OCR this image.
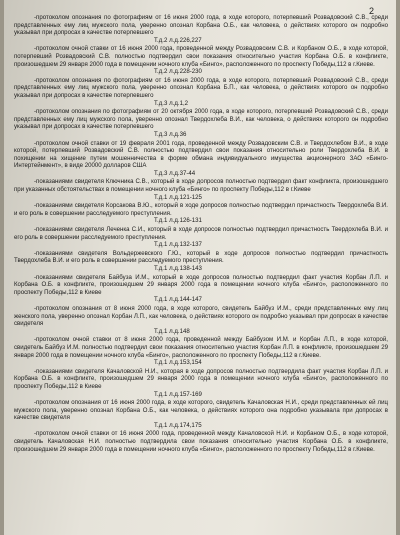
2

-протоколом опознания по фотографиям от 16 июня 2000 года, в ходе которого, потерпевший Розвадовский С.В., среди представленных ему лиц мужского пола, уверенно опознал Корбана О.Б., как человека, о действиях которого он подробно указывал при допросах в качестве потерпевшего

Т.д.2 л.д.226,227

-протоколом очной ставки от 16 июня 2000 года, проведенной между Розвадовским С.В. и Корбаном О.Б., в ходе которой, потерпевший Розвадовский С.В. полностью подтвердил свои показания относительно участия Корбана О.Б. в конфликте, произошедшем 29 января 2000 года в помещении ночного клуба «Бинго», расположенного по проспекту Победы,112 в г.Киеве.

Т.д.2 л.д.228-230

-протоколом опознания по фотографиям от 16 июня 2000 года, в ходе которого, потерпевший Розвадовский С.В., среди представленных ему лиц мужского пола, уверенно опознал Корбана Б.П., как человека, о действиях которого он подробно указывал при допросах в качестве потерпевшего

Т.д.3 л.д.1,2

-протоколом опознания по фотографиям от 20 октября 2000 года, в ходе которого, потерпевший Розвадовский С.В., среди представленных ему лиц мужского пола, уверенно опознал Твердохлеба В.И., как человека, о действиях которого он подробно указывал при допросах в качестве потерпевшего

Т.д.3 л.д.36

-протоколом очной ставки от 19 февраля 2001 года, проведенной между Розвадовским С.В. и Твердохлебом В.И., в ходе которой, потерпевший Розвадовский С.В. полностью подтвердил свои показания относительно роли Твердохлеба В.И. в похищении на хищение путем мошенничества в форме обмана индивидуального имущества акционерного ЗАО «Бинго-Интертейнмент», в виде 20000 долларов США

Т.д.3 л.д.37-44

-показаниями свидетеля Ключника С.В., который в ходе допросов полностью подтвердил факт конфликта, произошедшего при указанных обстоятельствах в помещении ночного клуба «Бинго» по проспекту Победы,112 в г.Киеве

Т.д.1 л.д.121-125

-показаниями свидетеля Корсакова В.Ю., который в ходе допросов полностью подтвердил причастность Твердохлеба В.И. и его роль в совершении расследуемого преступления.

Т.д.1 л.д.126-131

-показаниями свидетеля Леченка С.И., который в ходе допросов полностью подтвердил причастность Твердохлеба В.И. и его роль в совершении расследуемого преступления.

Т.д.1 л.д.132-137

-показаниями свидетеля Вольдержевского Г.Ю., который в ходе допросов полностью подтвердил причастность Твердохлеба В.И. и его роль в совершении расследуемого преступления.

Т.д.1 л.д.138-143

-показаниями свидетеля Байбуза И.М., который в ходе допросов полностью подтвердил факт участия Корбан Л.П. и Корбана О.Б. в конфликте, произошедшем 29 января 2000 года в помещении ночного клуба «Бинго», расположенного по проспекту Победы,112 в Киеве

Т.д.1 л.д.144-147

-протоколом опознания от 8 июня 2000 года, в ходе которого, свидетель Байбуз И.М., среди представленных ему лиц женского пола, уверенно опознал Корбан Л.П., как человека, о действиях которого он подробно указывал при допросах в качестве свидетеля

Т.д.1 л.д.148

-протоколом очной ставки от 8 июня 2000 года, проведенной между Байбузом И.М. и Корбан Л.П., в ходе которой, свидетель Байбуз И.М. полностью подтвердил свои показания относительно участия Корбан Л.П. в конфликте, произошедшем 29 января 2000 года в помещении ночного клуба «Бинго», расположенного по проспекту Победы,112 в г.Киеве.

Т.д.1 л.д.153,154

-показаниями свидетеля Качаловской Н.И., которая в ходе допросов полностью подтвердила факт участия Корбан Л.П. и Корбана О.Б. в конфликте, произошедшем 29 января 2000 года в помещении ночного клуба «Бинго», расположенного по проспекту Победы,112 в Киеве

Т.д.1 л.д.157-169

-протоколом опознания от 16 июня 2000 года, в ходе которого, свидетель Качаловская Н.И., среди представленных ей лиц мужского пола, уверенно опознал Корбана О.Б., как человека, о действиях которого она подробно указывала при допросах в качестве свидетеля

Т.д.1 л.д.174,175

-протоколом очной ставки от 16 июня 2000 года, проведенной между Качаловской Н.И. и Корбаном О.Б., в ходе которой, свидетель Качаловская Н.И. полностью подтвердила свои показания относительно участия Корбана О.Б. в конфликте, произошедшем 29 января 2000 года в помещении ночного клуба «Бинго», расположенного по проспекту Победы,112 в г.Киеве.
